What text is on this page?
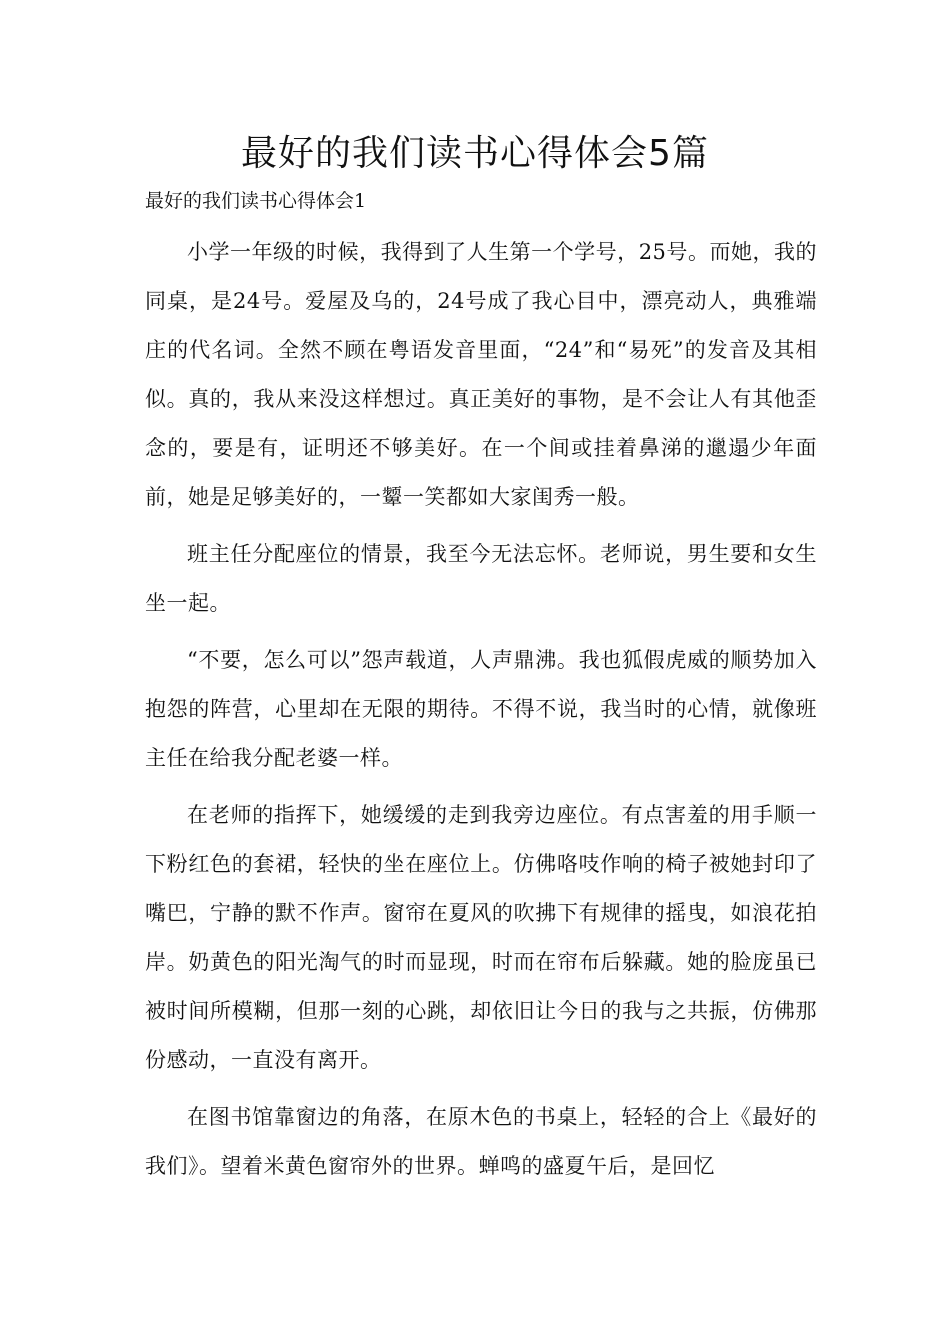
最好的我们读书心得体会5篇
最好的我们读书心得体会1

小学一年级的时候，我得到了人生第一个学号，25号。而她，我的同桌，是24号。爱屋及乌的，24号成了我心目中，漂亮动人，典雅端庄的代名词。全然不顾在粤语发音里面，“24”和“易死”的发音及其相似。真的，我从来没这样想过。真正美好的事物，是不会让人有其他歪念的，要是有，证明还不够美好。在一个间或挂着鼻涕的邋遢少年面前，她是足够美好的，一颦一笑都如大家闺秀一般。

班主任分配座位的情景，我至今无法忘怀。老师说，男生要和女生坐一起。

“不要，怎么可以”怨声载道，人声鼎沸。我也狐假虎威的顺势加入抱怨的阵营，心里却在无限的期待。不得不说，我当时的心情，就像班主任在给我分配老婆一样。

在老师的指挥下，她缓缓的走到我旁边座位。有点害羞的用手顺一下粉红色的套裙，轻快的坐在座位上。仿佛咯吱作响的椅子被她封印了嘴巴，宁静的默不作声。窗帘在夏风的吹拂下有规律的摇曳，如浪花拍岸。奶黄色的阳光淘气的时而显现，时而在帘布后躲藏。她的脸庞虽已被时间所模糊，但那一刻的心跳，却依旧让今日的我与之共振，仿佛那份感动，一直没有离开。

在图书馆靠窗边的角落，在原木色的书桌上，轻轻的合上《最好的我们》。望着米黄色窗帘外的世界。蝉鸣的盛夏午后，是回忆
